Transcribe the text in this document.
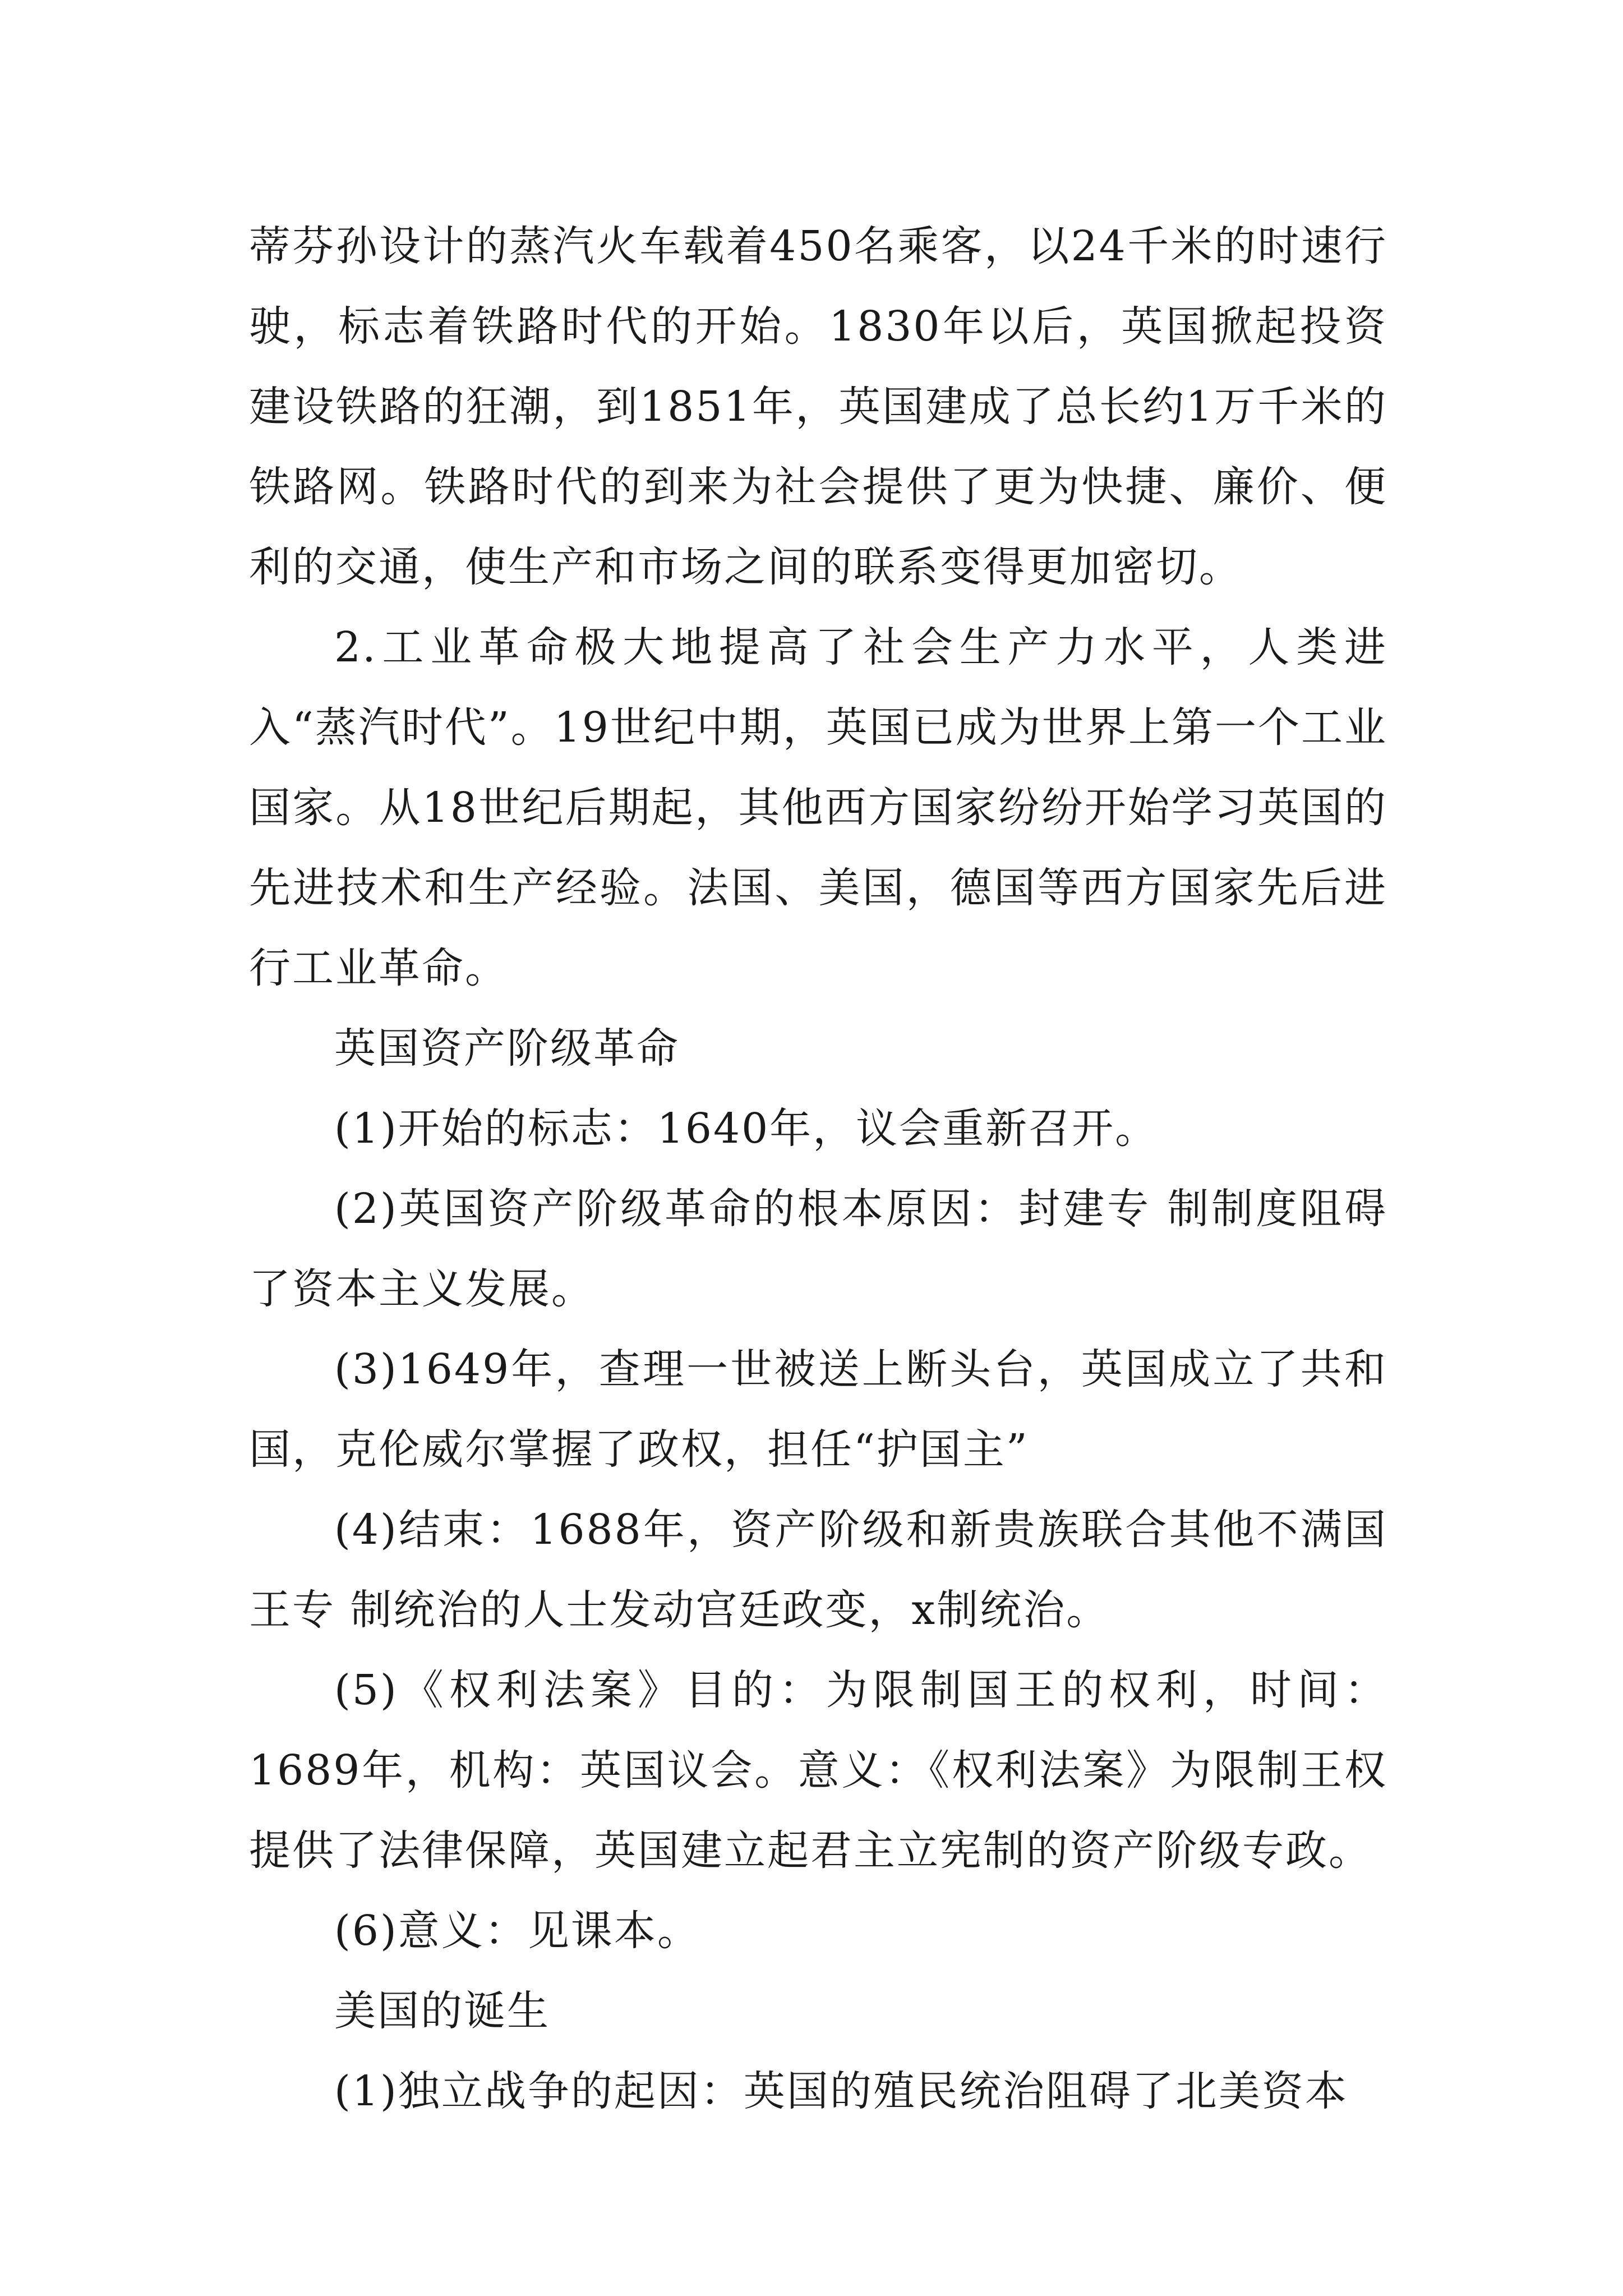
蒂芬孙设计的蒸汽火车载着450名乘客，以24千米的时速行驶，标志着铁路时代的开始。1830年以后，英国掀起投资建设铁路的狂潮，到1851年，英国建成了总长约1万千米的铁路网。铁路时代的到来为社会提供了更为快捷、廉价、便利的交通，使生产和市场之间的联系变得更加密切。

2.工业革命极大地提高了社会生产力水平，人类进入“蒸汽时代”。19世纪中期，英国已成为世界上第一个工业国家。从18世纪后期起，其他西方国家纷纷开始学习英国的先进技术和生产经验。法国、美国，德国等西方国家先后进行工业革命。

英国资产阶级革命

(1)开始的标志：1640年，议会重新召开。

(2)英国资产阶级革命的根本原因：封建专 制制度阻碍了资本主义发展。

(3)1649年，查理一世被送上断头台，英国成立了共和国，克伦威尔掌握了政权，担任“护国主”

(4)结束：1688年，资产阶级和新贵族联合其他不满国王专 制统治的人士发动宫廷政变，x制统治。

(5)《权利法案》目的：为限制国王的权利，时间：1689年，机构：英国议会。意义：《权利法案》为限制王权提供了法律保障，英国建立起君主立宪制的资产阶级专政。

(6)意义：见课本。

美国的诞生

(1)独立战争的起因：英国的殖民统治阻碍了北美资本
